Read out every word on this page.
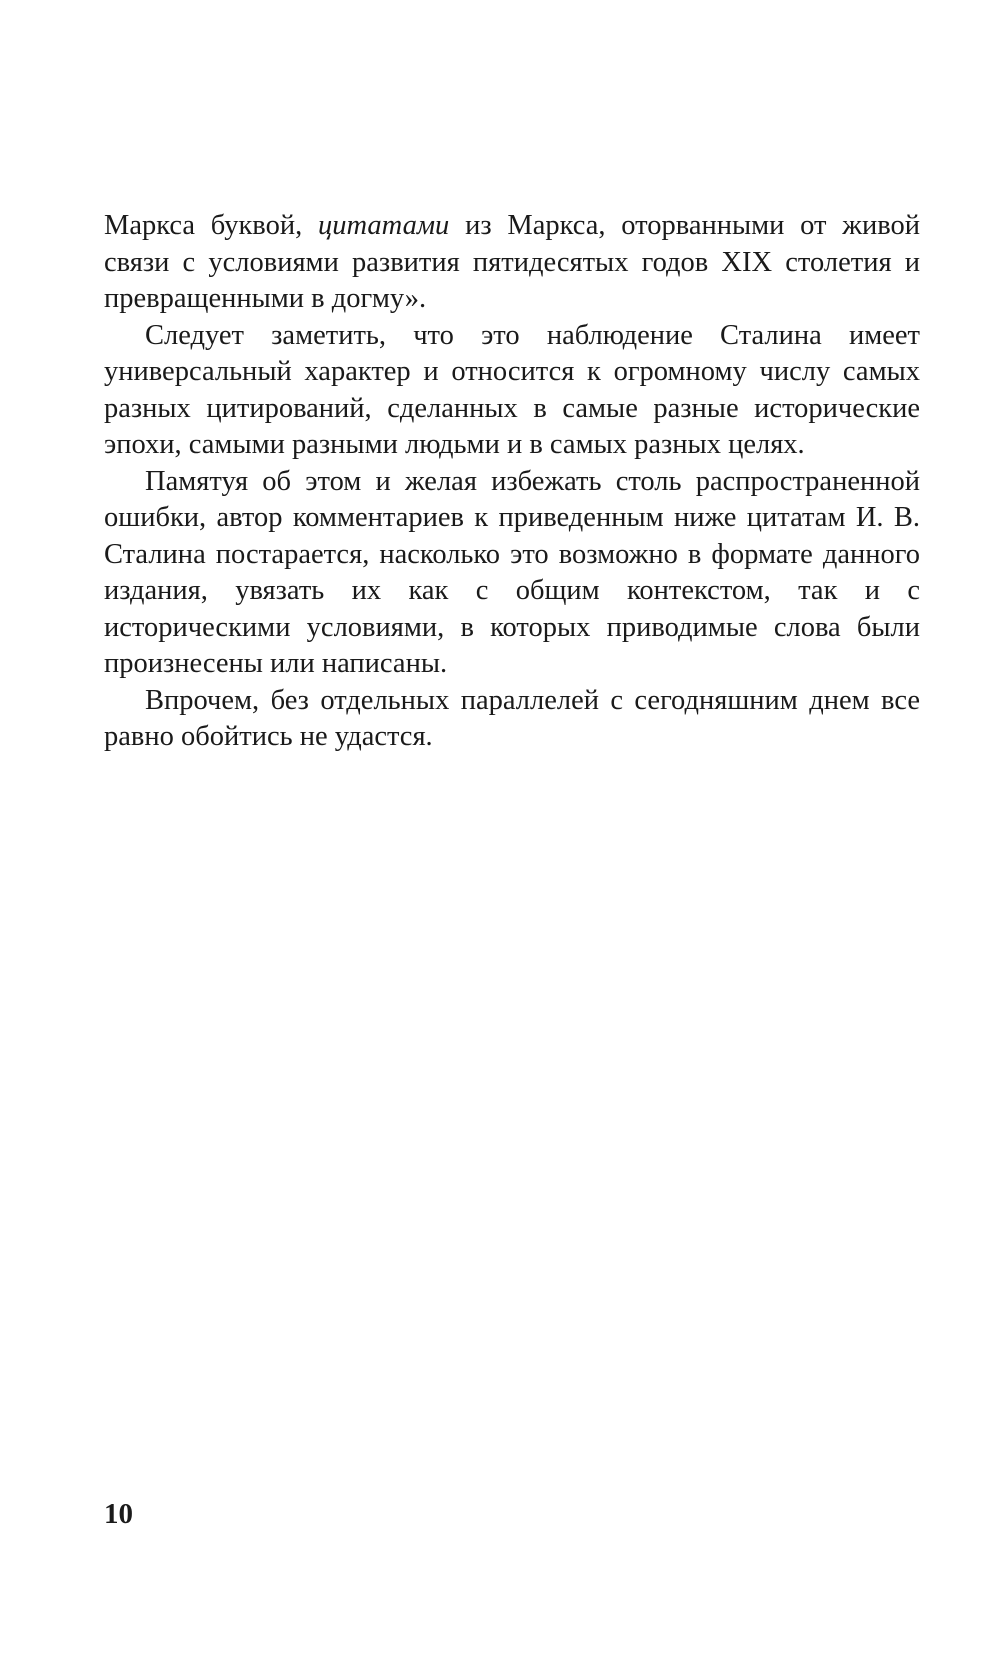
Маркса буквой, цитатами из Маркса, оторванными от живой связи с условиями развития пятидесятых годов XIX столетия и превращенными в догму».

Следует заметить, что это наблюдение Сталина имеет универсальный характер и относится к огромному числу самых разных цитирований, сделанных в самые разные исторические эпохи, самыми разными людьми и в самых разных целях.

Памятуя об этом и желая избежать столь распространенной ошибки, автор комментариев к приведенным ниже цитатам И. В. Сталина постарается, насколько это возможно в формате данного издания, увязать их как с общим контекстом, так и с историческими условиями, в которых приводимые слова были произнесены или написаны.

Впрочем, без отдельных параллелей с сегодняшним днем все равно обойтись не удастся.

10
